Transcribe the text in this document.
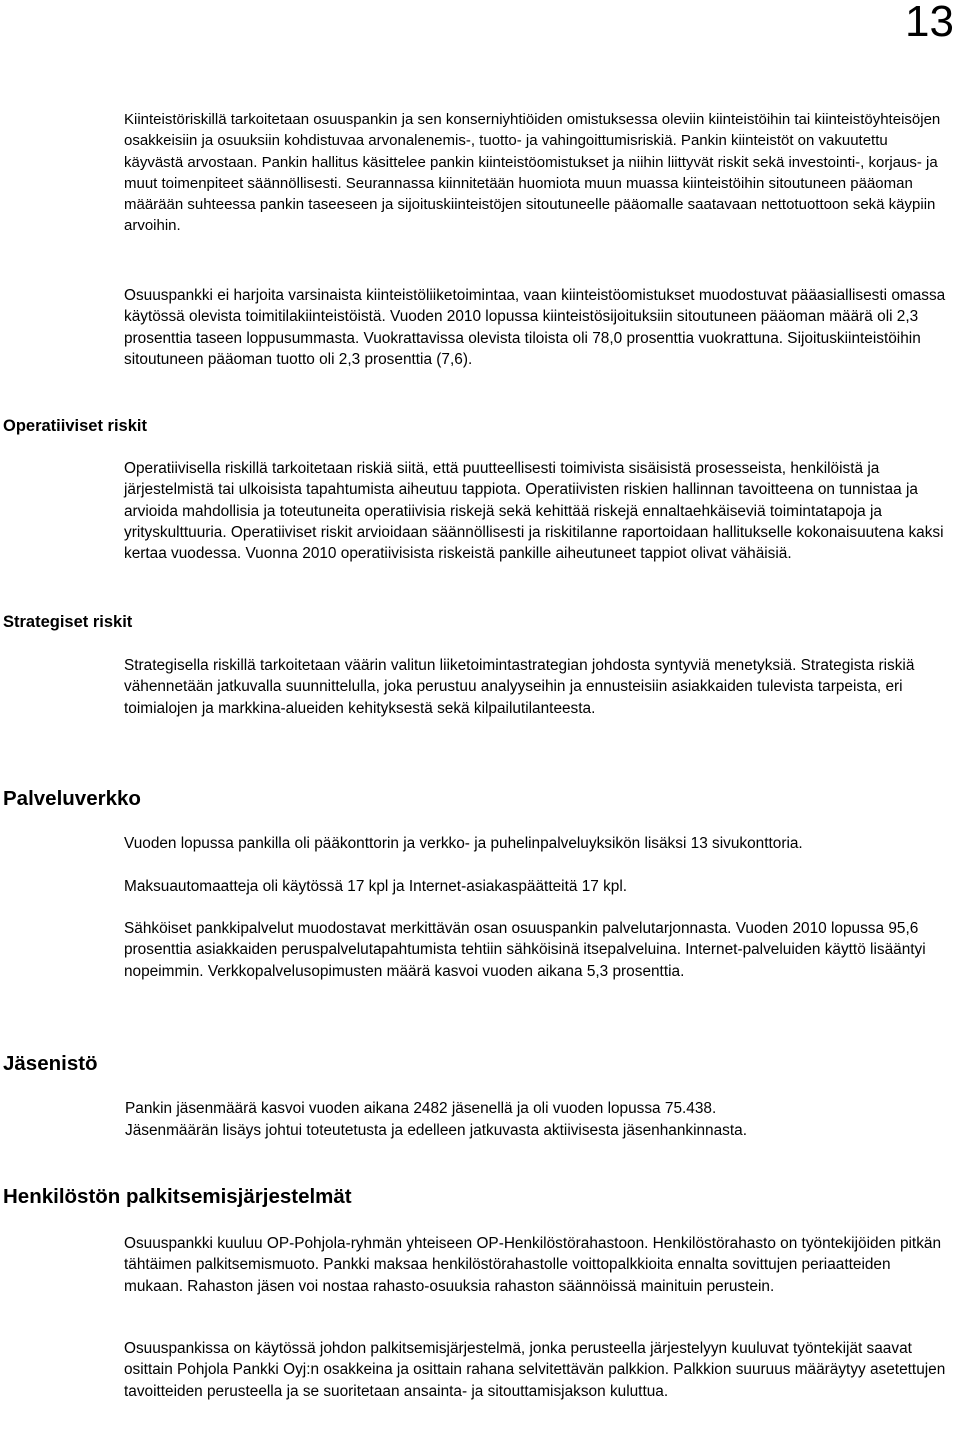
13

Kiinteistöriskillä tarkoitetaan osuuspankin ja sen konserniyhtiöiden omistuksessa oleviin kiinteistöihin tai kiinteistöyhteisöjen osakkeisiin ja osuuksiin kohdistuvaa arvonalenemis-, tuotto- ja vahingoittumisriskiä. Pankin kiinteistöt on vakuutettu käyvästä arvostaan. Pankin hallitus käsittelee pankin kiinteistöomistukset ja niihin liittyvät riskit sekä investointi-, korjaus- ja muut toimenpiteet säännöllisesti. Seurannassa kiinnitetään huomiota muun muassa kiinteistöihin sitoutuneen pääoman määrään suhteessa pankin taseeseen ja sijoituskiinteistöjen sitoutuneelle pääomalle saatavaan nettotuottoon sekä käypiin arvoihin.

Osuuspankki ei harjoita varsinaista kiinteistöliiketoimintaa, vaan kiinteistöomistukset muodostuvat pääasiallisesti omassa käytössä olevista toimitilakiinteistöistä. Vuoden 2010 lopussa kiinteistösijoituksiin sitoutuneen pääoman määrä oli 2,3 prosenttia taseen loppusummasta. Vuokrattavissa olevista tiloista oli 78,0 prosenttia vuokrattuna. Sijoituskiinteistöihin sitoutuneen pääoman tuotto oli 2,3 prosenttia (7,6).

Operatiiviset riskit

Operatiivisella riskillä tarkoitetaan riskiä siitä, että puutteellisesti toimivista sisäisistä prosesseista, henkilöistä ja järjestelmistä tai ulkoisista tapahtumista aiheutuu tappiota. Operatiivisten riskien hallinnan tavoitteena on tunnistaa ja arvioida mahdollisia ja toteutuneita operatiivisia riskejä sekä kehittää riskejä ennaltaehkäiseviä toimintatapoja ja yrityskulttuuria. Operatiiviset riskit arvioidaan säännöllisesti ja riskitilanne raportoidaan hallitukselle kokonaisuutena kaksi kertaa vuodessa. Vuonna 2010 operatiivisista riskeistä pankille aiheutuneet tappiot olivat vähäisiä.

Strategiset riskit

Strategisella riskillä tarkoitetaan väärin valitun liiketoimintastrategian johdosta syntyviä menetyksiä. Strategista riskiä vähennetään jatkuvalla suunnittelulla, joka perustuu analyyseihin ja ennusteisiin asiakkaiden tulevista tarpeista, eri toimialojen ja markkina-alueiden kehityksestä sekä kilpailutilanteesta.

Palveluverkko

Vuoden lopussa pankilla oli pääkonttorin ja verkko- ja puhelinpalveluyksikön lisäksi 13 sivukonttoria.

Maksuautomaatteja oli käytössä 17 kpl ja Internet-asiakaspäätteitä 17 kpl.

Sähköiset pankkipalvelut muodostavat merkittävän osan osuuspankin palvelutarjonnasta. Vuoden 2010 lopussa 95,6 prosenttia asiakkaiden peruspalvelutapahtumista tehtiin sähköisinä itsepalveluina. Internet-palveluiden käyttö lisääntyi nopeimmin. Verkkopalvelusopimusten määrä kasvoi vuoden aikana 5,3 prosenttia.

Jäsenistö

Pankin jäsenmäärä kasvoi vuoden aikana 2482 jäsenellä ja oli vuoden lopussa 75.438.

Jäsenmäärän lisäys johtui toteutetusta ja edelleen jatkuvasta aktiivisesta jäsenhankinnasta.

Henkilöstön palkitsemisjärjestelmät

Osuuspankki kuuluu OP-Pohjola-ryhmän yhteiseen OP-Henkilöstörahastoon. Henkilöstörahasto on työntekijöiden pitkän tähtäimen palkitsemismuoto. Pankki maksaa henkilöstörahastolle voittopalkkioita ennalta sovittujen periaatteiden mukaan. Rahaston jäsen voi nostaa rahasto-osuuksia rahaston säännöissä mainituin perustein.

Osuuspankissa on käytössä johdon palkitsemisjärjestelmä, jonka perusteella järjestelyyn kuuluvat työntekijät saavat osittain Pohjola Pankki Oyj:n osakkeina ja osittain rahana selvitettävän palkkion. Palkkion suuruus määräytyy asetettujen tavoitteiden perusteella ja se suoritetaan ansainta- ja sitouttamisjakson kuluttua.
